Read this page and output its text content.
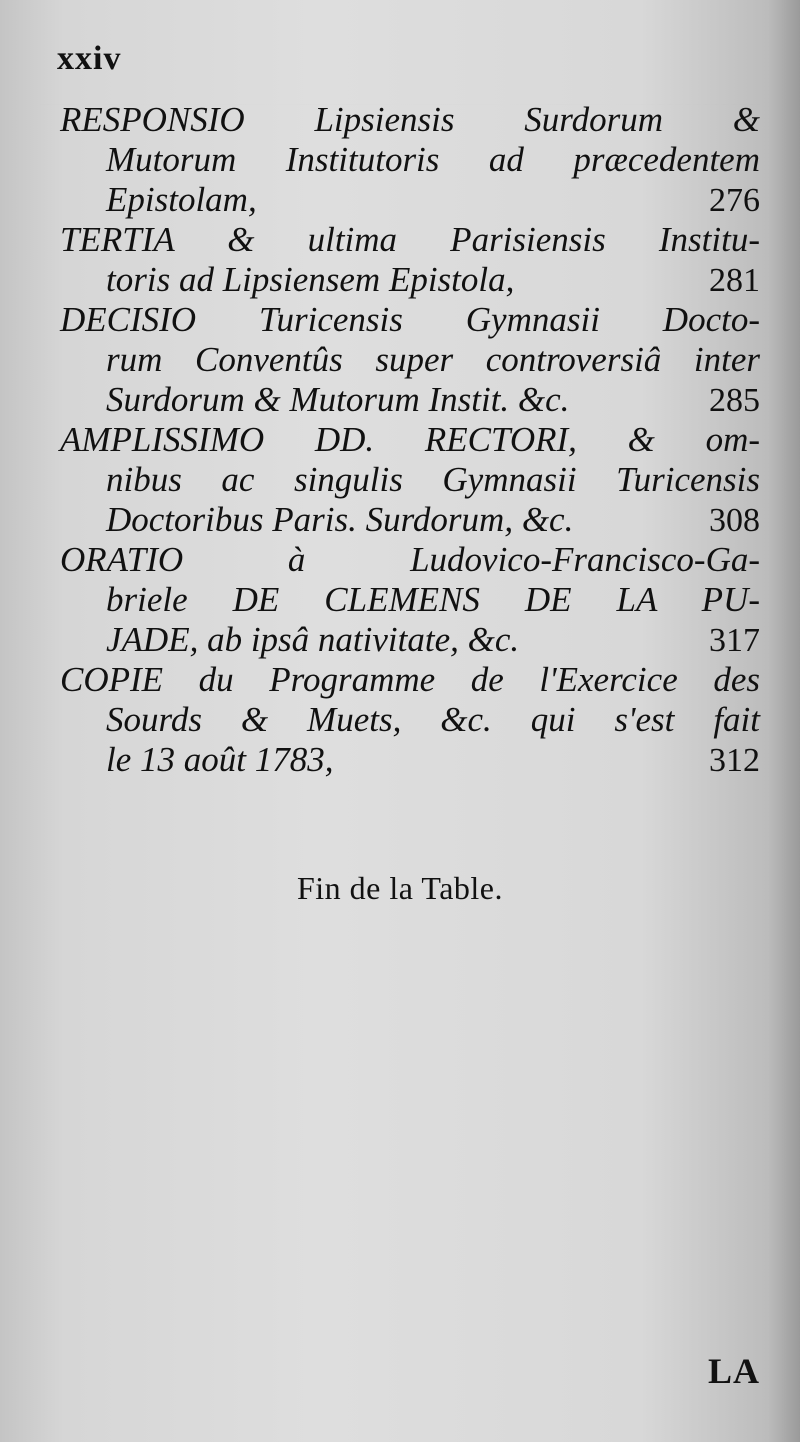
xxiv
RESPONSIO Lipsiensis Surdorum &
Mutorum Institutoris ad præcedentem
Epistolam,	276
TERTIA & ultima Parisiensis Institu-
toris ad Lipsiensem Epistola,	281
DECISIO Turicensis Gymnasii Docto-
rum Conventûs super controversiâ inter
Surdorum & Mutorum Instit. &c.	285
AMPLISSIMO DD. RECTORI, & om-
nibus ac singulis Gymnasii Turicensis
Doctoribus Paris. Surdorum, &c.	308
ORATIO à Ludovico-Francisco-Ga-
briele DE CLEMENS DE LA PU-
JADE, ab ipsâ nativitate, &c.	317
COPIE du Programme de l'Exercice des
Sourds & Muets, &c. qui s'est fait
le 13 août 1783,	312
Fin de la Table.
LA
